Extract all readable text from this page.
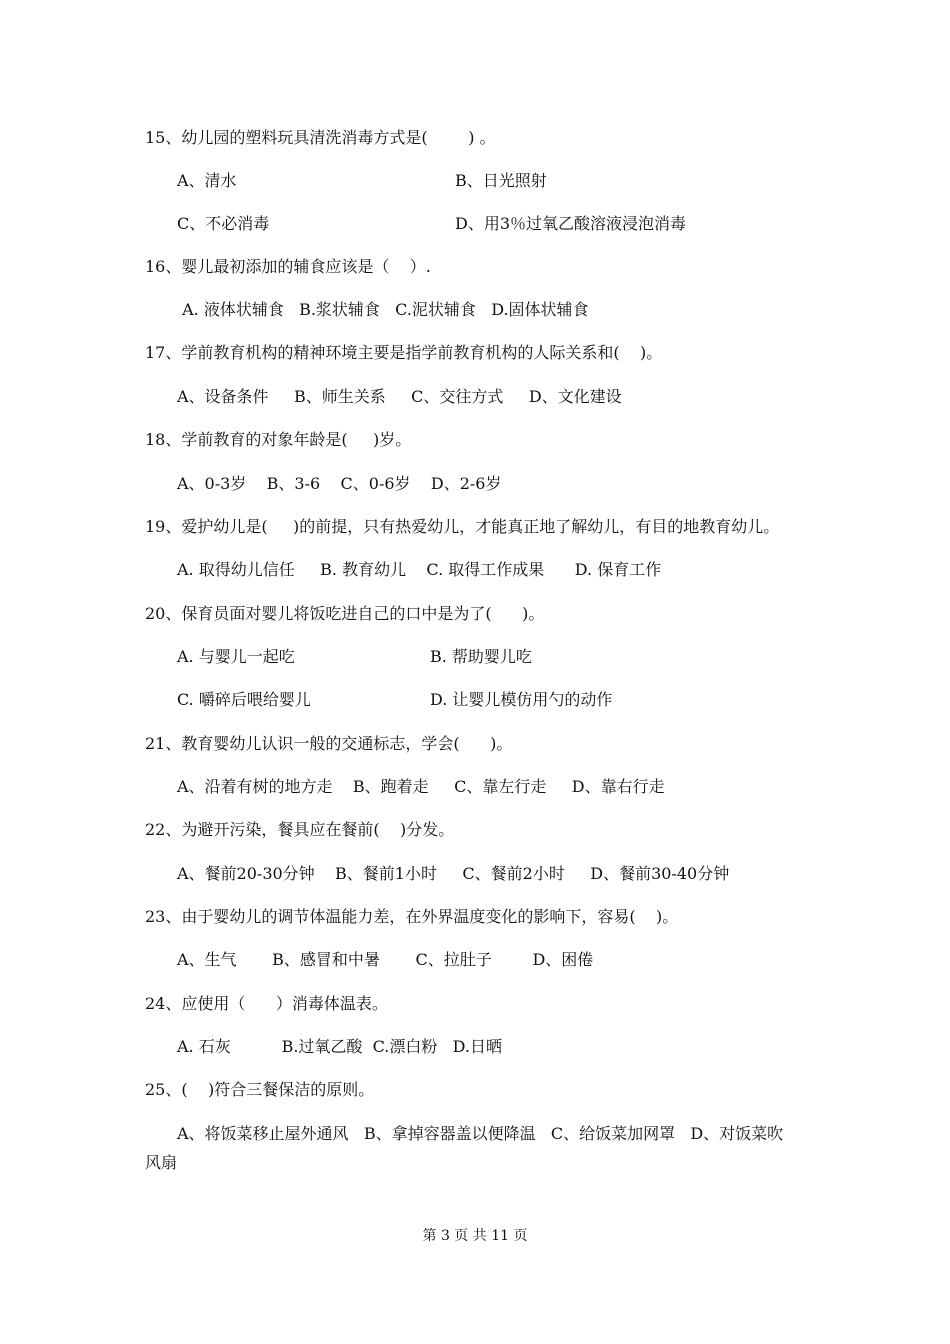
15、幼儿园的塑料玩具清洗消毒方式是(        ) 。
A、清水	B、日光照射
C、不必消毒	D、用3％过氧乙酸溶液浸泡消毒
16、婴儿最初添加的辅食应该是（    ）.
A. 液体状辅食   B.浆状辅食   C.泥状辅食   D.固体状辅食
17、学前教育机构的精神环境主要是指学前教育机构的人际关系和(    )。
A、设备条件     B、师生关系     C、交往方式     D、文化建设
18、学前教育的对象年龄是(     )岁。
A、0-3岁    B、3-6    C、0-6岁    D、2-6岁
19、爱护幼儿是(     )的前提，只有热爱幼儿，才能真正地了解幼儿，有目的地教育幼儿。
A. 取得幼儿信任     B. 教育幼儿    C. 取得工作成果      D. 保育工作
20、保育员面对婴儿将饭吃进自己的口中是为了(      )。
A. 与婴儿一起吃	B. 帮助婴儿吃
C. 嚼碎后喂给婴儿	D. 让婴儿模仿用勺的动作
21、教育婴幼儿认识一般的交通标志，学会(      )。
A、沿着有树的地方走    B、跑着走     C、靠左行走     D、靠右行走
22、为避开污染，餐具应在餐前(    )分发。
A、餐前20-30分钟    B、餐前1小时     C、餐前2小时     D、餐前30-40分钟
23、由于婴幼儿的调节体温能力差，在外界温度变化的影响下，容易(    )。
A、生气       B、感冒和中暑       C、拉肚子        D、困倦
24、应使用（      ）消毒体温表。
A. 石灰          B.过氧乙酸  C.漂白粉   D.日晒
25、(    )符合三餐保洁的原则。
A、将饭菜移止屋外通风   B、拿掉容器盖以便降温   C、给饭菜加网罩   D、对饭菜吹
风扇
第 3 页 共 11 页
